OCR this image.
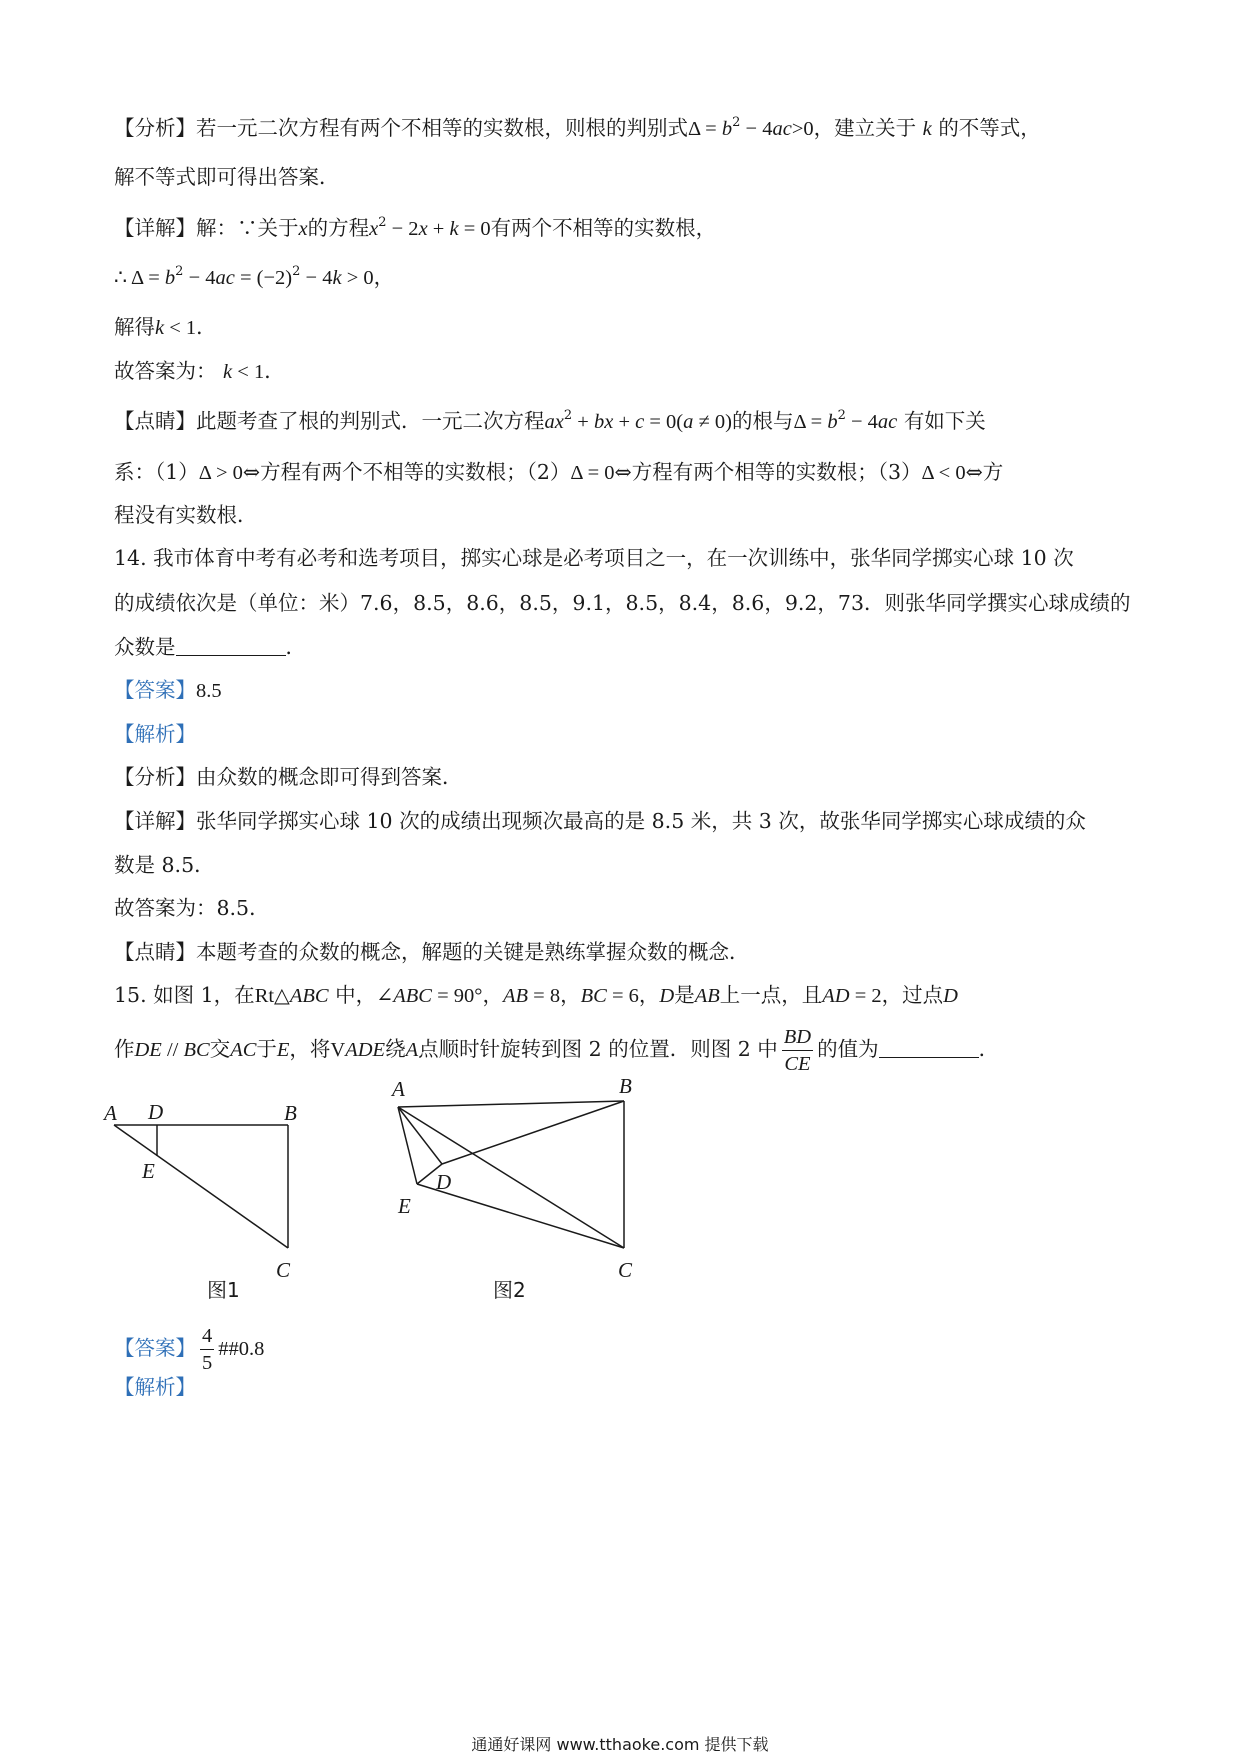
【分析】若一元二次方程有两个不相等的实数根，则根的判别式$\Delta = b^2 - 4ac>0$，建立关于 k 的不等式，
解不等式即可得出答案．
【详解】解：∵关于x的方程$x^2 - 2x + k = 0$有两个不相等的实数根，
∴ $\Delta = b^2 - 4ac = (-2)^2 - 4k > 0$，
解得k < 1．
故答案为： k < 1．
【点睛】此题考查了根的判别式．一元二次方程$ax^2$ + bx + c = 0(a ≠ 0)的根与$\Delta = b^2 - 4ac$ 有如下关
系：（1）Δ > 0⇔方程有两个不相等的实数根；（2）Δ = 0⇔方程有两个相等的实数根；（3）Δ < 0⇔方
程没有实数根．
14. 我市体育中考有必考和选考项目，掷实心球是必考项目之一，在一次训练中，张华同学掷实心球 10 次
的成绩依次是（单位：米）7.6，8.5，8.6，8.5，9.1，8.5，8.4，8.6，9.2，73．则张华同学撰实心球成绩的
众数是	．
【答案】8.5
【解析】
【分析】由众数的概念即可得到答案．
【详解】张华同学掷实心球 10 次的成绩出现频次最高的是 8.5 米，共 3 次，故张华同学掷实心球成绩的众
数是 8.5．
故答案为：8.5．
【点睛】本题考查的众数的概念，解题的关键是熟练掌握众数的概念．
15. 如图 1，在Rt△ABC 中，∠ABC = 90°，AB = 8，BC = 6，D是AB上一点，且AD = 2，过点D
作DE // BC交AC于E，将VADE绕A点顺时针旋转到图 2 的位置．则图 2 中 $\frac{BD}{CE}$ 的值为	．
A D	B
E
C
图1
A	B
D
E
C
图2
【答案】 $\frac{4}{5}$ ##0.8
【解析】
通通好课网 www.tthaoke.com 提供下载
